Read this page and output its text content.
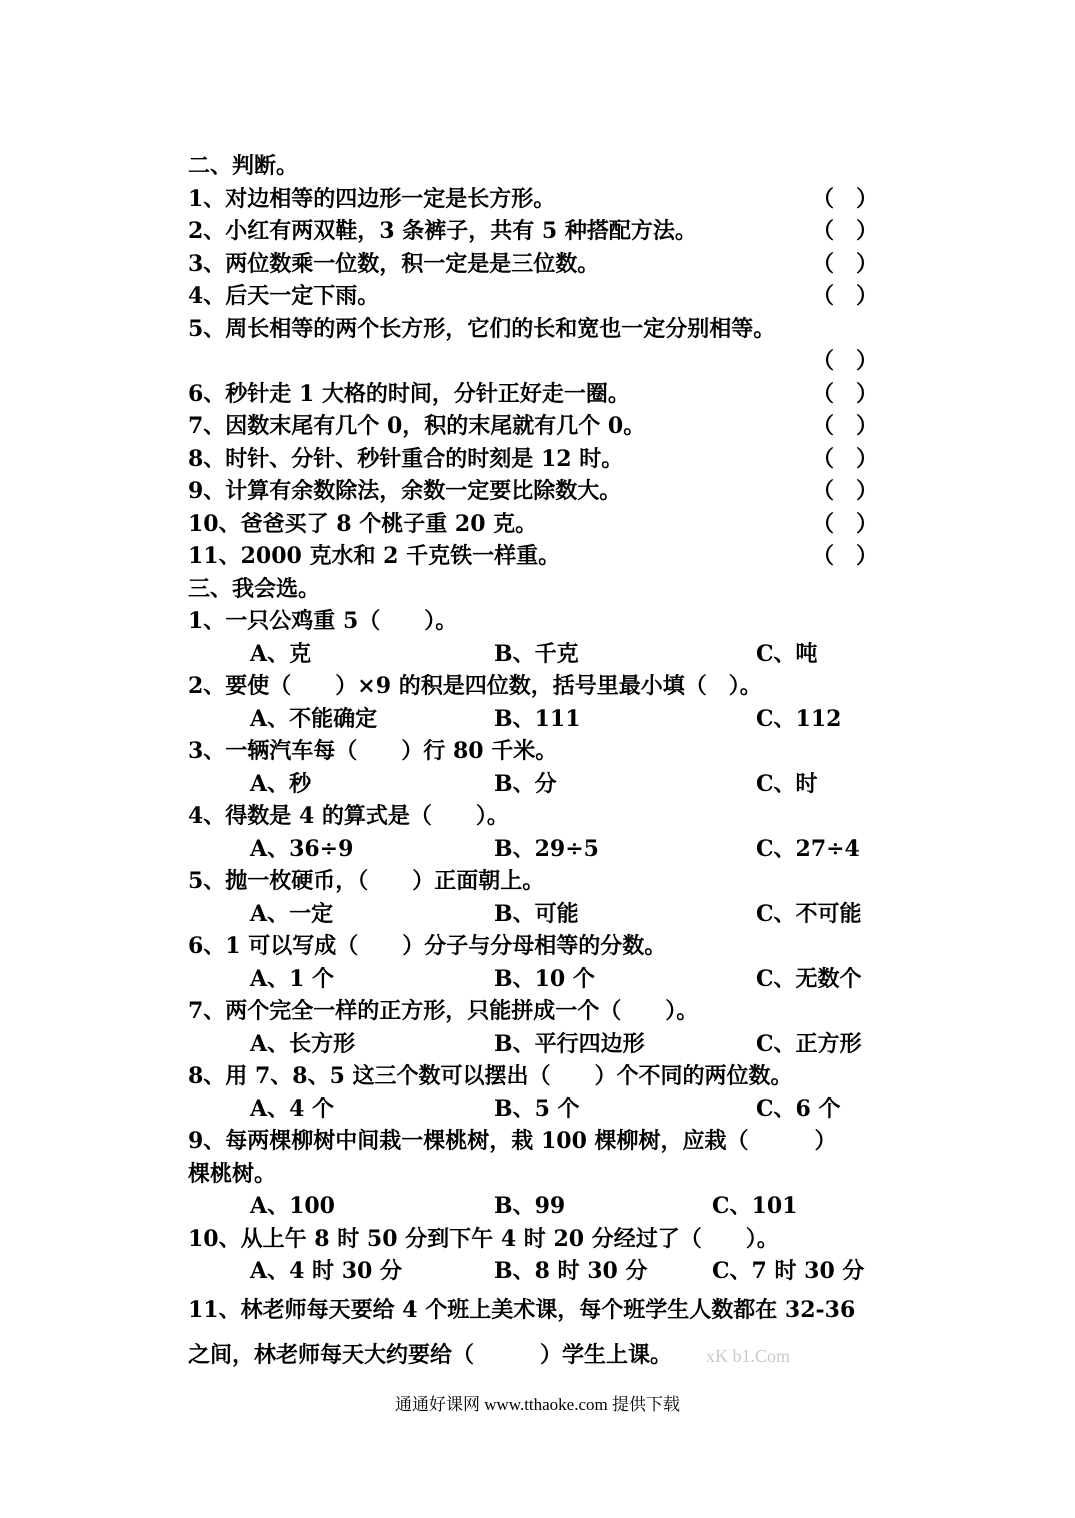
二、判断。
1、对边相等的四边形一定是长方形。	（ ）
2、小红有两双鞋，3 条裤子，共有 5 种搭配方法。	（ ）
3、两位数乘一位数，积一定是是三位数。	（ ）
4、后天一定下雨。	（ ）
5、周长相等的两个长方形，它们的长和宽也一定分别相等。
（ ）
6、秒针走 1 大格的时间，分针正好走一圈。	（ ）
7、因数末尾有几个 0，积的末尾就有几个 0。	（ ）
8、时针、分针、秒针重合的时刻是 12 时。	（ ）
9、计算有余数除法，余数一定要比除数大。	（ ）
10、爸爸买了 8 个桃子重 20 克。	（ ）
11、2000 克水和 2 千克铁一样重。	（ ）
三、我会选。
1、一只公鸡重 5（　　）。
A、克	B、千克	C、吨
2、要使（　　）×9 的积是四位数，括号里最小填（　）。
A、不能确定	B、111	C、112
3、一辆汽车每（　　）行 80 千米。
A、秒	B、分	C、时
4、得数是 4 的算式是（　　）。
A、36÷9	B、29÷5	C、27÷4
5、抛一枚硬币，（　　）正面朝上。
A、一定	B、可能	C、不可能
6、1 可以写成（　　）分子与分母相等的分数。
A、1 个	B、10 个	C、无数个
7、两个完全一样的正方形，只能拼成一个（　　）。
A、长方形	B、平行四边形	C、正方形
8、用 7、8、5 这三个数可以摆出（　　）个不同的两位数。
A、4 个	B、5 个	C、6 个
9、每两棵柳树中间栽一棵桃树，栽 100 棵柳树，应栽（　　　）
棵桃树。
A、100	B、99	C、101
10、从上午 8 时 50 分到下午 4 时 20 分经过了（　　）。
A、4 时 30 分	B、8 时 30 分	C、7 时 30 分
11、林老师每天要给 4 个班上美术课，每个班学生人数都在 32-36
之间，林老师每天大约要给（　　　）学生上课。 xK b1.Com
通通好课网 www.tthaoke.com 提供下载
